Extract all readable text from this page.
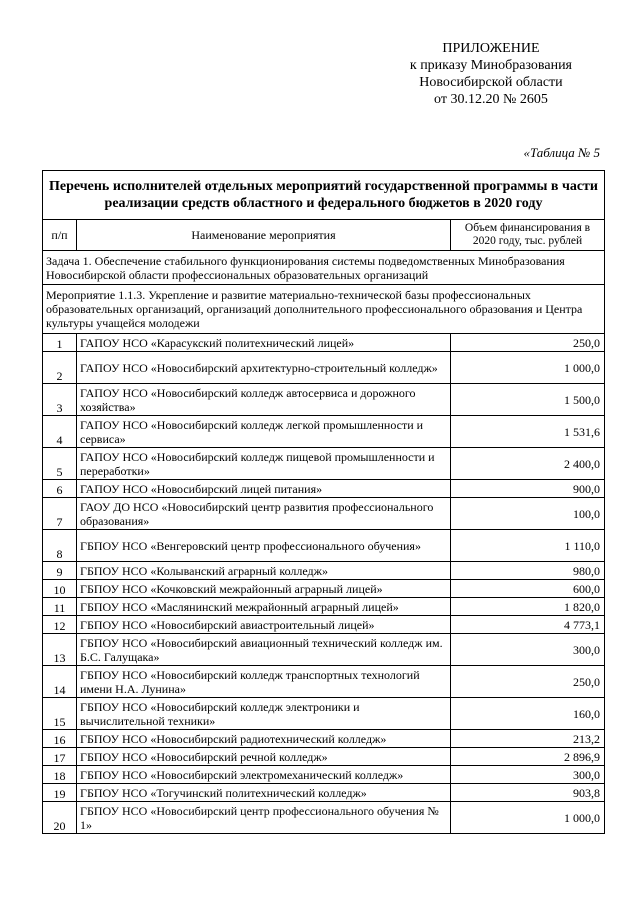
ПРИЛОЖЕНИЕ
к приказу Минобразования
Новосибирской области
от 30.12.20 № 2605
«Таблица № 5
Перечень исполнителей отдельных мероприятий государственной программы в части реализации средств областного и федерального бюджетов в 2020 году		
п/п	Наименование мероприятия	Объем финансирования в 2020 году, тыс. рублей
Задача 1. Обеспечение стабильного функционирования системы подведомственных Минобразования Новосибирской области профессиональных образовательных организаций		
Мероприятие 1.1.3. Укрепление и развитие материально-технической базы профессиональных образовательных организаций, организаций дополнительного профессионального образования и Центра культуры учащейся молодежи		
1	ГАПОУ НСО «Карасукский политехнический лицей»	250,0
2	ГАПОУ НСО «Новосибирский архитектурно-строительный колледж»	1 000,0
3	ГАПОУ НСО «Новосибирский колледж автосервиса и дорожного хозяйства»	1 500,0
4	ГАПОУ НСО «Новосибирский колледж легкой промышленности и сервиса»	1 531,6
5	ГАПОУ НСО «Новосибирский колледж пищевой промышленности и переработки»	2 400,0
6	ГАПОУ НСО «Новосибирский лицей питания»	900,0
7	ГАОУ ДО НСО «Новосибирский центр развития профессионального образования»	100,0
8	ГБПОУ НСО «Венгеровский центр профессионального обучения»	1 110,0
9	ГБПОУ НСО «Колыванский аграрный колледж»	980,0
10	ГБПОУ НСО «Кочковский межрайонный аграрный лицей»	600,0
11	ГБПОУ НСО «Маслянинский межрайонный аграрный лицей»	1 820,0
12	ГБПОУ НСО «Новосибирский авиастроительный лицей»	4 773,1
13	ГБПОУ НСО «Новосибирский авиационный технический колледж им. Б.С. Галущака»	300,0
14	ГБПОУ НСО «Новосибирский колледж транспортных технологий имени Н.А. Лунина»	250,0
15	ГБПОУ НСО «Новосибирский колледж электроники и вычислительной техники»	160,0
16	ГБПОУ НСО «Новосибирский радиотехнический колледж»	213,2
17	ГБПОУ НСО «Новосибирский речной колледж»	2 896,9
18	ГБПОУ НСО «Новосибирский электромеханический колледж»	300,0
19	ГБПОУ НСО «Тогучинский политехнический колледж»	903,8
20	ГБПОУ НСО «Новосибирский центр профессионального обучения № 1»	1 000,0
